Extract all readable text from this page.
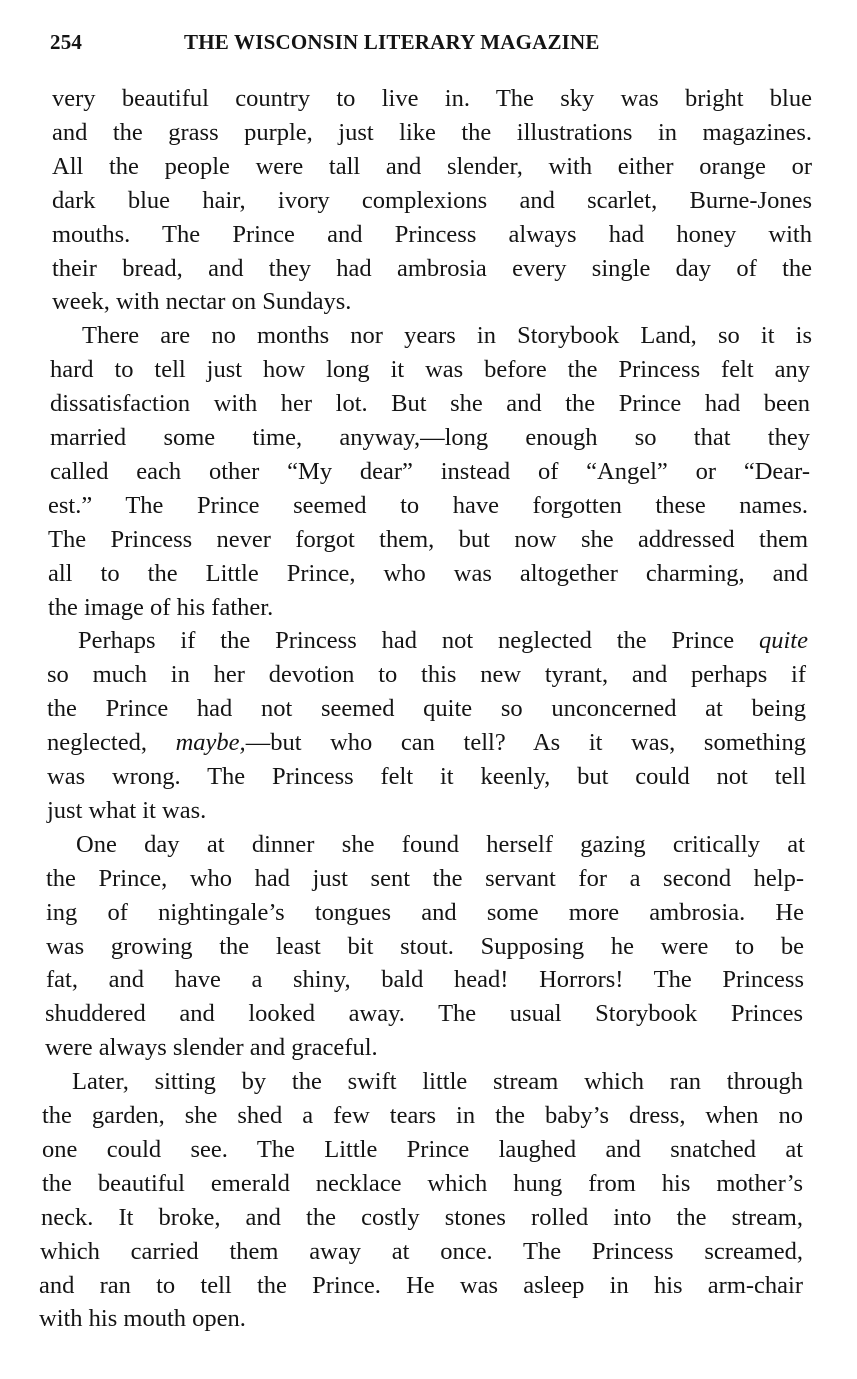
254	THE WISCONSIN LITERARY MAGAZINE
very beautiful country to live in. The sky was bright blue
and the grass purple, just like the illustrations in magazines.
All the people were tall and slender, with either orange or
dark blue hair, ivory complexions and scarlet, Burne-Jones
mouths. The Prince and Princess always had honey with
their bread, and they had ambrosia every single day of the
week, with nectar on Sundays.
There are no months nor years in Storybook Land, so it is
hard to tell just how long it was before the Princess felt any
dissatisfaction with her lot. But she and the Prince had been
married some time, anyway,—long enough so that they
called each other “My dear” instead of “Angel” or “Dear-
est.” The Prince seemed to have forgotten these names.
The Princess never forgot them, but now she addressed them
all to the Little Prince, who was altogether charming, and
the image of his father.
Perhaps if the Princess had not neglected the Prince quite
so much in her devotion to this new tyrant, and perhaps if
the Prince had not seemed quite so unconcerned at being
neglected, maybe,—but who can tell? As it was, something
was wrong. The Princess felt it keenly, but could not tell
just what it was.
One day at dinner she found herself gazing critically at
the Prince, who had just sent the servant for a second help-
ing of nightingale’s tongues and some more ambrosia. He
was growing the least bit stout. Supposing he were to be
fat, and have a shiny, bald head! Horrors! The Princess
shuddered and looked away. The usual Storybook Princes
were always slender and graceful.
Later, sitting by the swift little stream which ran through
the garden, she shed a few tears in the baby’s dress, when no
one could see. The Little Prince laughed and snatched at
the beautiful emerald necklace which hung from his mother’s
neck. It broke, and the costly stones rolled into the stream,
which carried them away at once. The Princess screamed,
and ran to tell the Prince. He was asleep in his arm-chair
with his mouth open.
